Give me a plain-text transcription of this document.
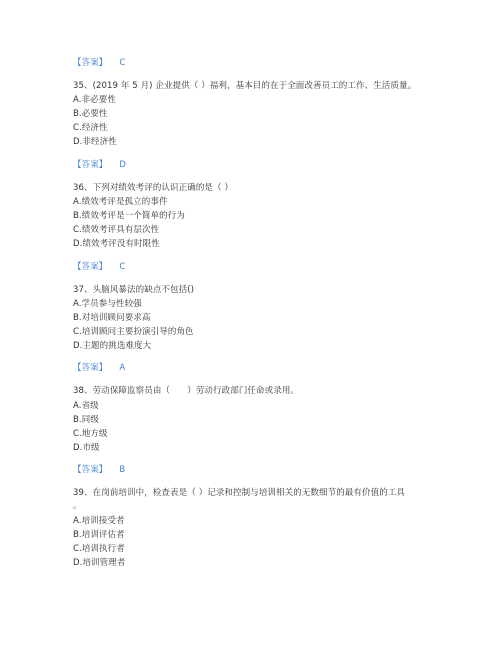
【答案】 C
35、(2019 年 5 月) 企业提供（ ）福利，基本目的在于全面改善员工的工作、生活质量。
A.非必要性
B.必要性
C.经济性
D.非经济性
【答案】 D
36、下列对绩效考评的认识正确的是（ ）
A.绩效考评是孤立的事件
B.绩效考评是一个简单的行为
C.绩效考评具有层次性
D.绩效考评没有时限性
【答案】 C
37、头脑风暴法的缺点不包括()
A.学员参与性较强
B.对培训顾问要求高
C.培训顾问主要扮演引导的角色
D.主题的挑选难度大
【答案】 A
38、劳动保障监察员由（　　）劳动行政部门任命或录用。
A.省级
B.同级
C.地方级
D.市级
【答案】 B
39、在岗前培训中，检查表是（ ）记录和控制与培训相关的无数细节的最有价值的工具
。
A.培训接受者
B.培训评估者
C.培训执行者
D.培训管理者
